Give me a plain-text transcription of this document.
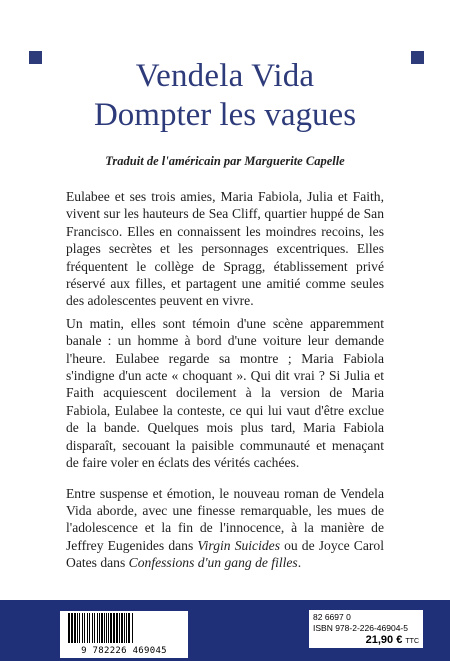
Vendela Vida
Dompter les vagues
Traduit de l'américain par Marguerite Capelle

Eulabee et ses trois amies, Maria Fabiola, Julia et Faith, vivent sur les hauteurs de Sea Cliff, quartier huppé de San Francisco. Elles en connaissent les moindres recoins, les plages secrètes et les personnages excentriques. Elles fréquentent le collège de Spragg, établissement privé réservé aux filles, et partagent une amitié comme seules des adolescentes peuvent en vivre.

Un matin, elles sont témoin d'une scène apparemment banale : un homme à bord d'une voiture leur demande l'heure. Eulabee regarde sa montre ; Maria Fabiola s'indigne d'un acte « choquant ». Qui dit vrai ? Si Julia et Faith acquiescent docilement à la version de Maria Fabiola, Eulabee la conteste, ce qui lui vaut d'être exclue de la bande. Quelques mois plus tard, Maria Fabiola disparaît, secouant la paisible communauté et menaçant de faire voler en éclats des vérités cachées.

Entre suspense et émotion, le nouveau roman de Vendela Vida aborde, avec une finesse remarquable, les mues de l'adolescence et la fin de l'innocence, à la manière de Jeffrey Eugenides dans Virgin Suicides ou de Joyce Carol Oates dans Confessions d'un gang de filles.

9 782226 469045
82 6697 0
ISBN 978-2-226-46904-5
21,90 € TTC
